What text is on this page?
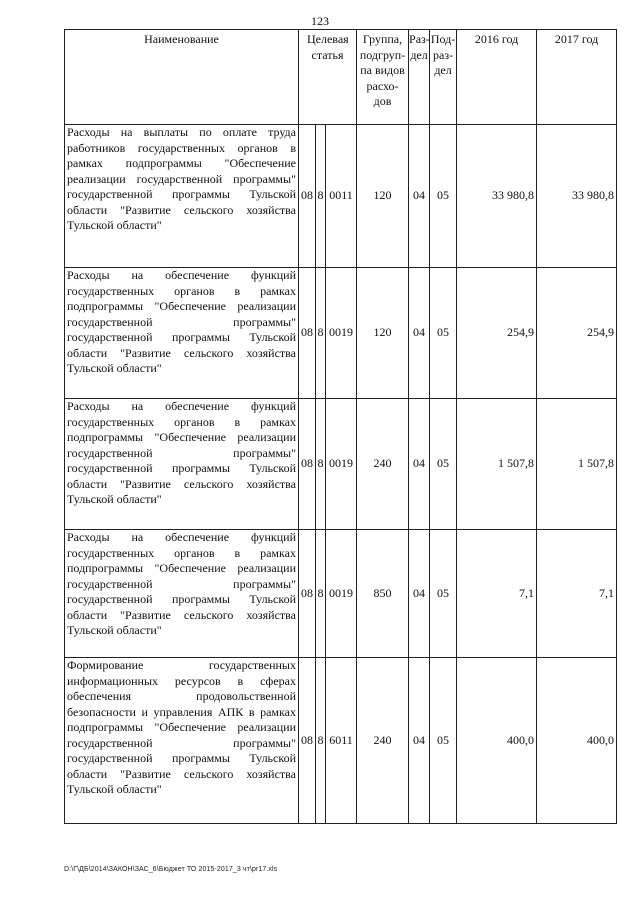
123
Наименование	Целевая статья			Группа, подгруп-па видов расхо-дов	Раз-дел	Под-раз-дел	2016 год	2017 год
Расходы на выплаты по оплате труда работников государственных органов в рамках подпрограммы "Обеспечение реализации государственной программы" государственной программы Тульской области "Развитие сельского хозяйства Тульской области"	08	8	0011	120	04	05	33 980,8	33 980,8
Расходы на обеспечение функций государственных органов в рамках подпрограммы "Обеспечение реализации государственной программы" государственной программы Тульской области "Развитие сельского хозяйства Тульской области"	08	8	0019	120	04	05	254,9	254,9
Расходы на обеспечение функций государственных органов в рамках подпрограммы "Обеспечение реализации государственной программы" государственной программы Тульской области "Развитие сельского хозяйства Тульской области"	08	8	0019	240	04	05	1 507,8	1 507,8
Расходы на обеспечение функций государственных органов в рамках подпрограммы "Обеспечение реализации государственной программы" государственной программы Тульской области "Развитие сельского хозяйства Тульской области"	08	8	0019	850	04	05	7,1	7,1
Формирование государственных информационных ресурсов в сферах обеспечения продовольственной безопасности и управления АПК в рамках подпрограммы "Обеспечение реализации государственной программы" государственной программы Тульской области "Развитие сельского хозяйства Тульской области"	08	8	6011	240	04	05	400,0	400,0
D:\Г\ДБ\2014\ЗАКОН\ЗАС_6\Бюджет ТО 2015-2017_3 чт\pr17.xls
